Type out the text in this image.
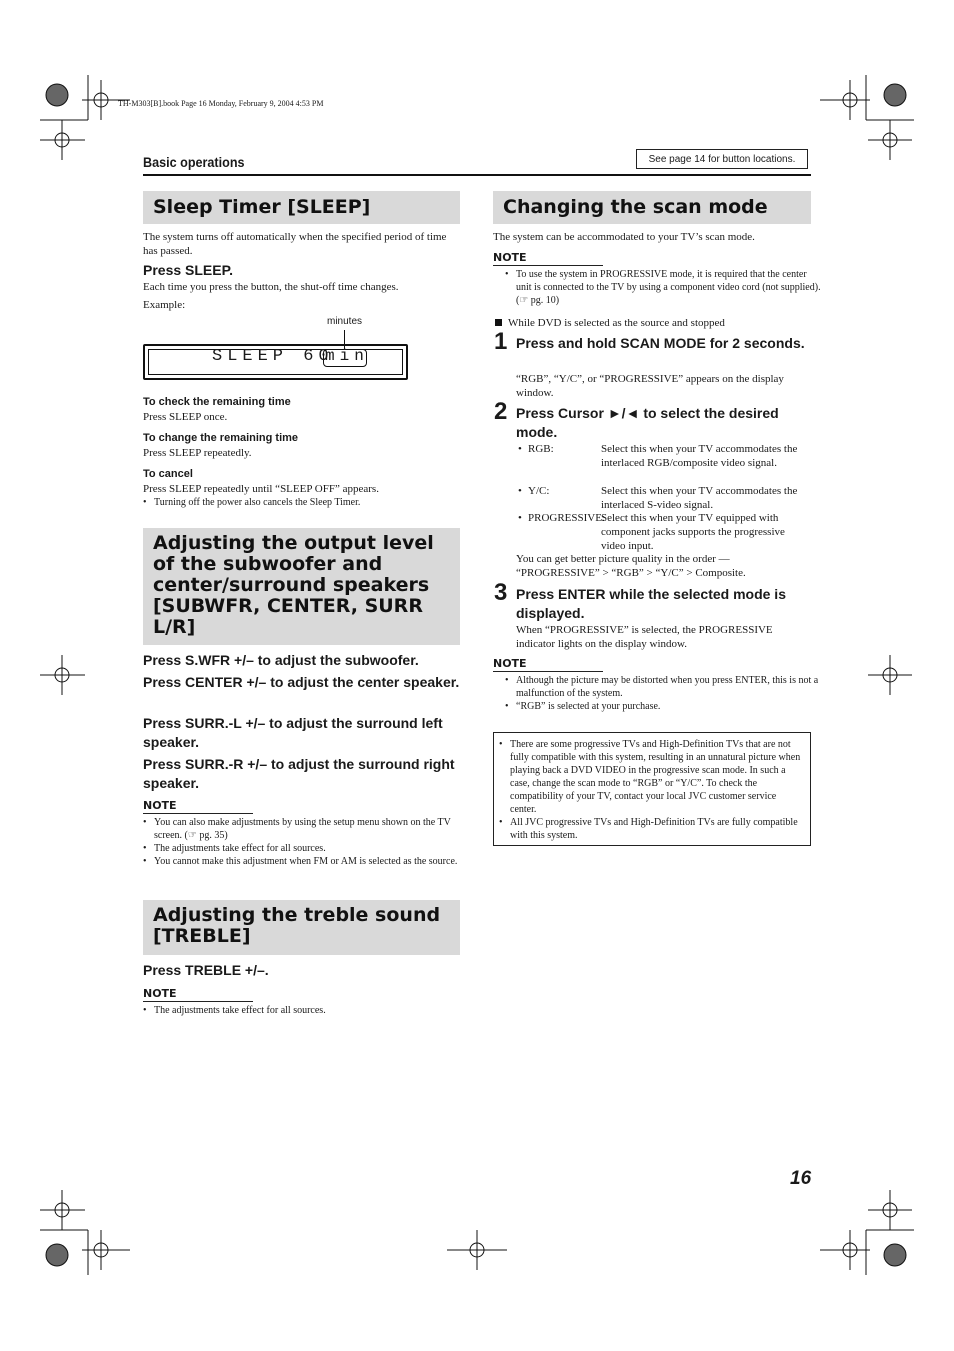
TH-M303[B].book Page 16 Monday, February 9, 2004 4:53 PM
Basic operations	See page 14 for button locations.
Sleep Timer [SLEEP]
The system turns off automatically when the specified period of time has passed.
Press SLEEP.
Each time you press the button, the shut-off time changes.
Example:
minutes
SLEEP 60
min
To check the remaining time
Press SLEEP once.
To change the remaining time
Press SLEEP repeatedly.
To cancel
Press SLEEP repeatedly until “SLEEP OFF” appears.
• Turning off the power also cancels the Sleep Timer.
Adjusting the output level of the subwoofer and center/surround speakers [SUBWFR, CENTER, SURR L/R]
Press S.WFR +/– to adjust the subwoofer.
Press CENTER +/– to adjust the center speaker.
Press SURR.-L +/– to adjust the surround left speaker.
Press SURR.-R +/– to adjust the surround right speaker.
NOTE
• You can also make adjustments by using the setup menu shown on the TV screen. (☞ pg. 35)
• The adjustments take effect for all sources.
• You cannot make this adjustment when FM or AM is selected as the source.
Adjusting the treble sound [TREBLE]
Press TREBLE +/–.
NOTE
• The adjustments take effect for all sources.
Changing the scan mode
The system can be accommodated to your TV’s scan mode.
NOTE
• To use the system in PROGRESSIVE mode, it is required that the center unit is connected to the TV by using a component video cord (not supplied). (☞ pg. 10)
While DVD is selected as the source and stopped
1 Press and hold SCAN MODE for 2 seconds.
“RGB”, “Y/C”, or “PROGRESSIVE” appears on the display window.
2 Press Cursor ►/◄ to select the desired mode.
• RGB:	Select this when your TV accommodates the interlaced RGB/composite video signal.
• Y/C:	Select this when your TV accommodates the interlaced S-video signal.
• PROGRESSIVE:
Select this when your TV equipped with component jacks supports the progressive video input.
You can get better picture quality in the order — “PROGRESSIVE” > “RGB” > “Y/C” > Composite.
3 Press ENTER while the selected mode is displayed.
When “PROGRESSIVE” is selected, the PROGRESSIVE indicator lights on the display window.
NOTE
• Although the picture may be distorted when you press ENTER, this is not a malfunction of the system.
• “RGB” is selected at your purchase.
• There are some progressive TVs and High-Definition TVs that are not fully compatible with this system, resulting in an unnatural picture when playing back a DVD VIDEO in the progressive scan mode. In such a case, change the scan mode to “RGB” or “Y/C”. To check the compatibility of your TV, contact your local JVC customer service center.
• All JVC progressive TVs and High-Definition TVs are fully compatible with this system.
16
